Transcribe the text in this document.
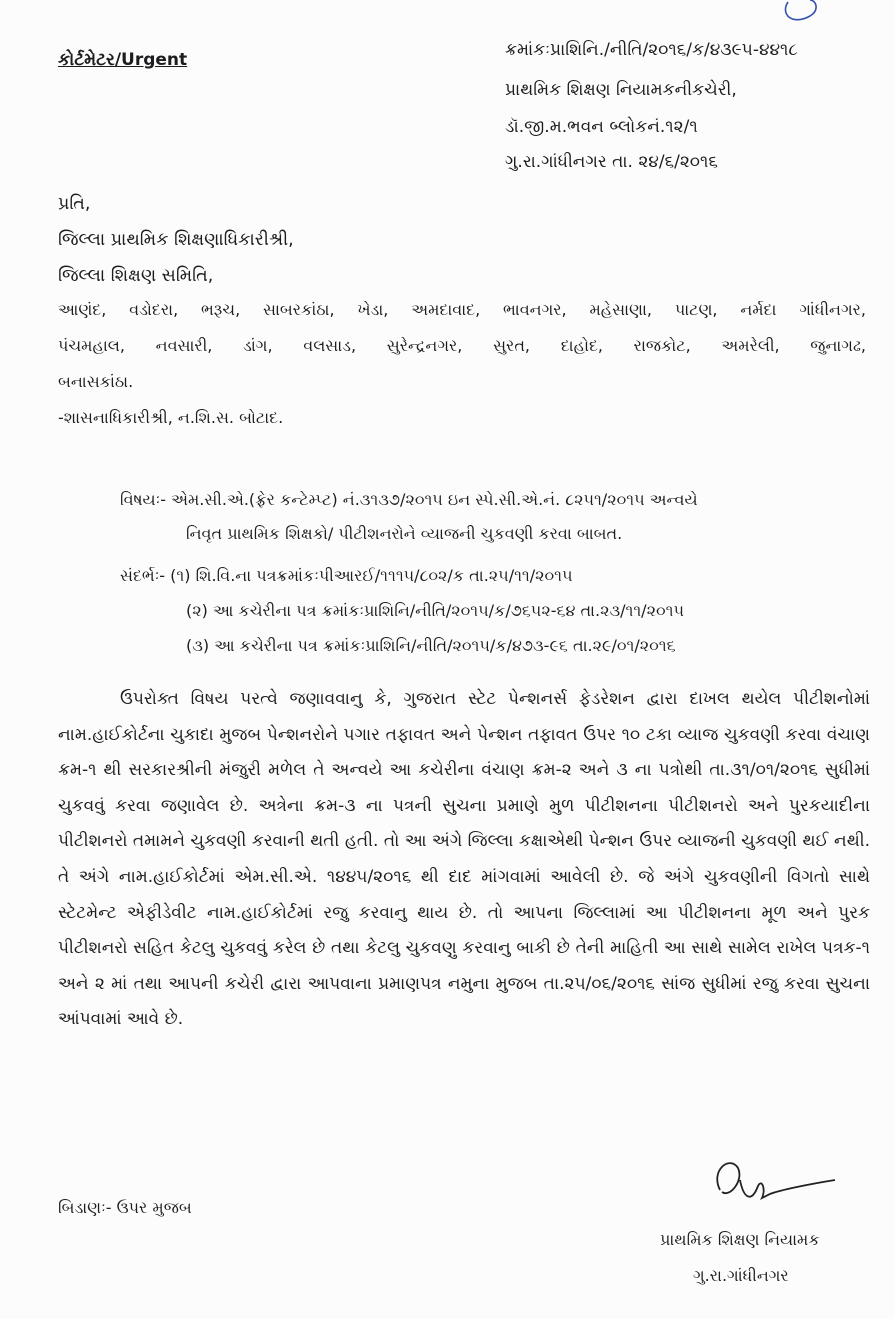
કોર્ટમેટર/Urgent	ક્રમાંકઃપ્રાશિનિ./નીતિ/૨૦૧૬/ક/૪૩૯૫-૪૪૧૮
પ્રાથમિક શિક્ષણ નિયામકનીકચેરી,
ડૉ.જી.મ.ભવન બ્લોકનં.૧૨/૧
ગુ.રા.ગાંધીનગર તા. ૨૪/૬/૨૦૧૬
પ્રતિ,
જિલ્લા પ્રાથમિક શિક્ષણાધિકારીશ્રી,
જિલ્લા શિક્ષણ સમિતિ,
આણંદ, વડોદરા, ભરૂચ, સાબરકાંઠા, ખેડા, અમદાવાદ, ભાવનગર, મહેસાણા, પાટણ, નર્મદા ગાંધીનગર,
પંચમહાલ, નવસારી, ડાંગ, વલસાડ, સુરેન્દ્રનગર, સુરત, દાહોદ, રાજકોટ, અમરેલી, જુનાગઢ,
બનાસકાંઠા.
-શાસનાધિકારીશ્રી, ન.શિ.સ. બોટાદ.
વિષયઃ- એમ.સી.એ.(ફ્રેર કન્ટેમ્પ્ટ) નં.૩૧૩૭/૨૦૧૫ ઇન સ્પે.સી.એ.નં. ૮૨૫૧/૨૦૧૫ અન્વયે
નિવૃત પ્રાથમિક શિક્ષકો/ પીટીશનરોને વ્યાજની ચુકવણી કરવા બાબત.
સંદર્ભઃ- (૧) શિ.વિ.ના પત્રક્રમાંકઃપીઆરઈ/૧૧૧૫/૮૦૨/ક તા.૨૫/૧૧/૨૦૧૫
(૨) આ કચેરીના પત્ર ક્રમાંકઃપ્રાશિનિ/નીતિ/૨૦૧૫/ક/૭૬૫૨-૬૪ તા.૨૩/૧૧/૨૦૧૫
(૩) આ કચેરીના પત્ર ક્રમાંકઃપ્રાશિનિ/નીતિ/૨૦૧૫/ક/૪૭૩-૯૬ તા.૨૯/૦૧/૨૦૧૬
ઉપરોક્ત વિષય પરત્વે જણાવવાનુ કે, ગુજરાત સ્ટેટ પેન્શનર્સ ફેડરેશન દ્વારા દાખલ થયેલ પીટીશનોમાં નામ.હાઈકોર્ટના ચુકાદા મુજબ પેન્શનરોને પગાર તફાવત અને પેન્શન તફાવત ઉપર ૧૦ ટકા વ્યાજ ચુકવણી કરવા વંચાણ ક્રમ-૧ થી સરકારશ્રીની મંજુરી મળેલ તે અન્વયે આ કચેરીના વંચાણ ક્રમ-૨ અને ૩ ના પત્રોથી તા.૩૧/૦૧/૨૦૧૬ સુધીમાં ચુકવવું કરવા જણાવેલ છે. અત્રેના ક્રમ-૩ ના પત્રની સુચના પ્રમાણે મુળ પીટીશનના પીટીશનરો અને પુરકયાદીના પીટીશનરો તમામને ચુકવણી કરવાની થતી હતી. તો આ અંગે જિલ્લા કક્ષાએથી પેન્શન ઉપર વ્યાજની ચુકવણી થઈ નથી. તે અંગે નામ.હાઈકોર્ટમાં એમ.સી.એ. ૧૪૪૫/૨૦૧૬ થી દાદ માંગવામાં આવેલી છે. જે અંગે ચુકવણીની વિગતો સાથે સ્ટેટમેન્ટ એફીડેવીટ નામ.હાઈકોર્ટમાં રજુ કરવાનુ થાય છે. તો આપના જિલ્લામાં આ પીટીશનના મૂળ અને પુરક પીટીશનરો સહિત કેટલુ ચુકવવું કરેલ છે તથા કેટલુ ચુકવણુ કરવાનુ બાકી છે તેની માહિતી આ સાથે સામેલ રાખેલ પત્રક-૧ અને ૨ માં તથા આપની કચેરી દ્વારા આપવાના પ્રમાણપત્ર નમુના મુજબ તા.૨૫/૦૬/૨૦૧૬ સાંજ સુધીમાં રજુ કરવા સુચના આંપવામાં આવે છે.
બિડાણઃ- ઉપર મુજબ
પ્રાથમિક શિક્ષણ નિયામક
ગુ.રા.ગાંધીનગર
